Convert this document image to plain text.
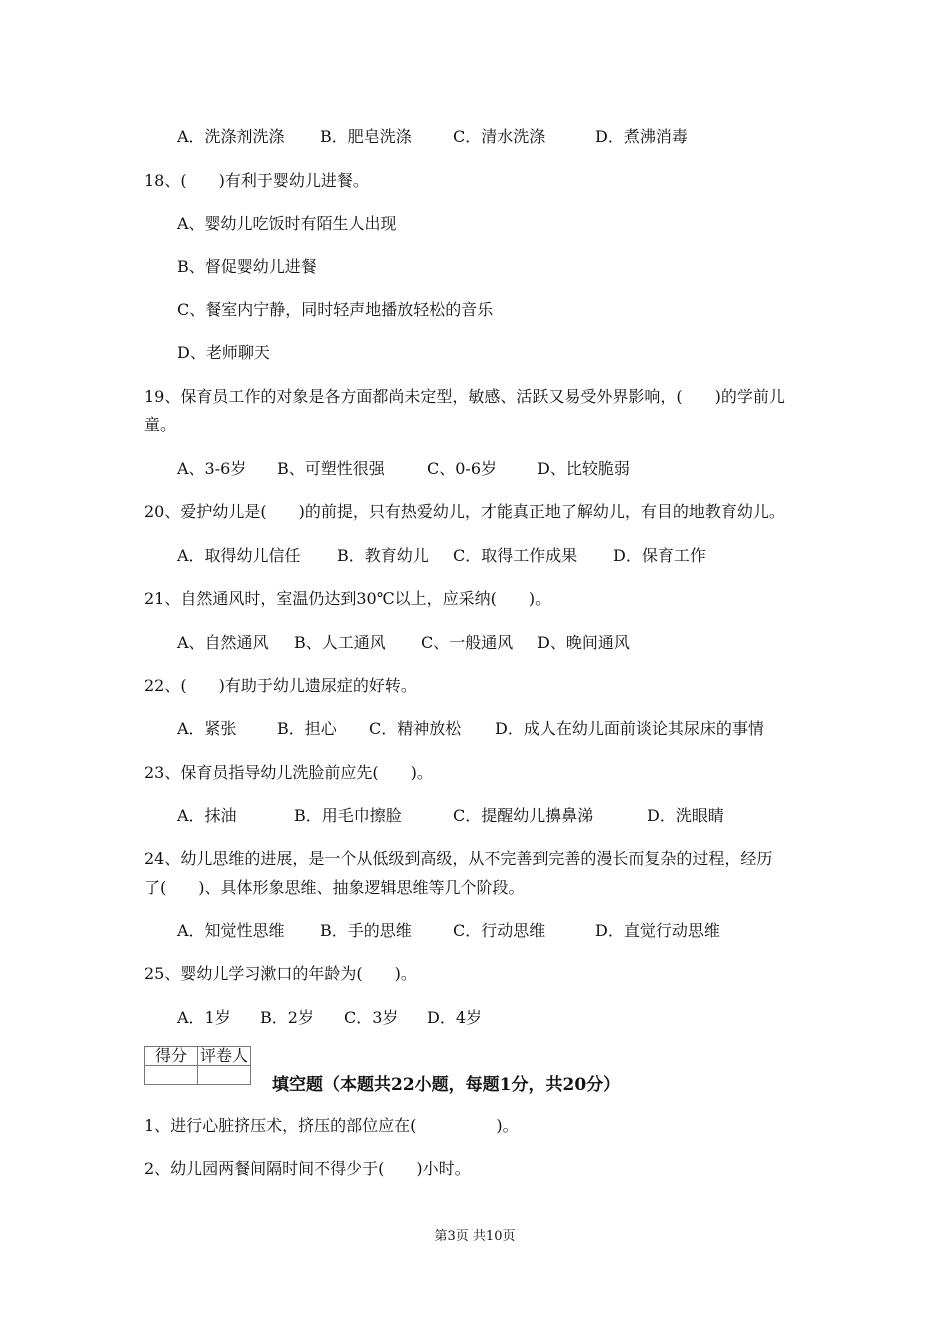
A．洗涤剂洗涤 B．肥皂洗涤	C．清水洗涤	D．煮沸消毒
18、(　　)有利于婴幼儿进餐。
A、婴幼儿吃饭时有陌生人出现
B、督促婴幼儿进餐
C、餐室内宁静，同时轻声地播放轻松的音乐
D、老师聊天
19、保育员工作的对象是各方面都尚未定型，敏感、活跃又易受外界影响，(　　)的学前儿
童。
A、3-6岁 B、可塑性很强	C、0-6岁 D、比较脆弱
20、爱护幼儿是(　　)的前提，只有热爱幼儿，才能真正地了解幼儿，有目的地教育幼儿。
A．取得幼儿信任 B．教育幼儿 C．取得工作成果 D．保育工作
21、自然通风时，室温仍达到30℃以上，应采纳(　　)。
A、自然通风 B、人工通风 C、一般通风 D、晚间通风
22、(　　)有助于幼儿遗尿症的好转。
A．紧张	B．担心 C．精神放松 D．成人在幼儿面前谈论其尿床的事情
23、保育员指导幼儿洗脸前应先(　　)。
A．抹油	B．用毛巾擦脸	C．提醒幼儿擤鼻涕	D．洗眼睛
24、幼儿思维的进展，是一个从低级到高级，从不完善到完善的漫长而复杂的过程，经历
了(　　)、具体形象思维、抽象逻辑思维等几个阶段。
A．知觉性思维 B．手的思维	C．行动思维	D．直觉行动思维
25、婴幼儿学习漱口的年龄为(　　)。
A．1岁 B．2岁 C．3岁 D．4岁
得分	评卷人

填空题（本题共22小题，每题1分，共20分）
1、进行心脏挤压术，挤压的部位应在(　　　　　)。
2、幼儿园两餐间隔时间不得少于(　　)小时。
第3页 共10页
